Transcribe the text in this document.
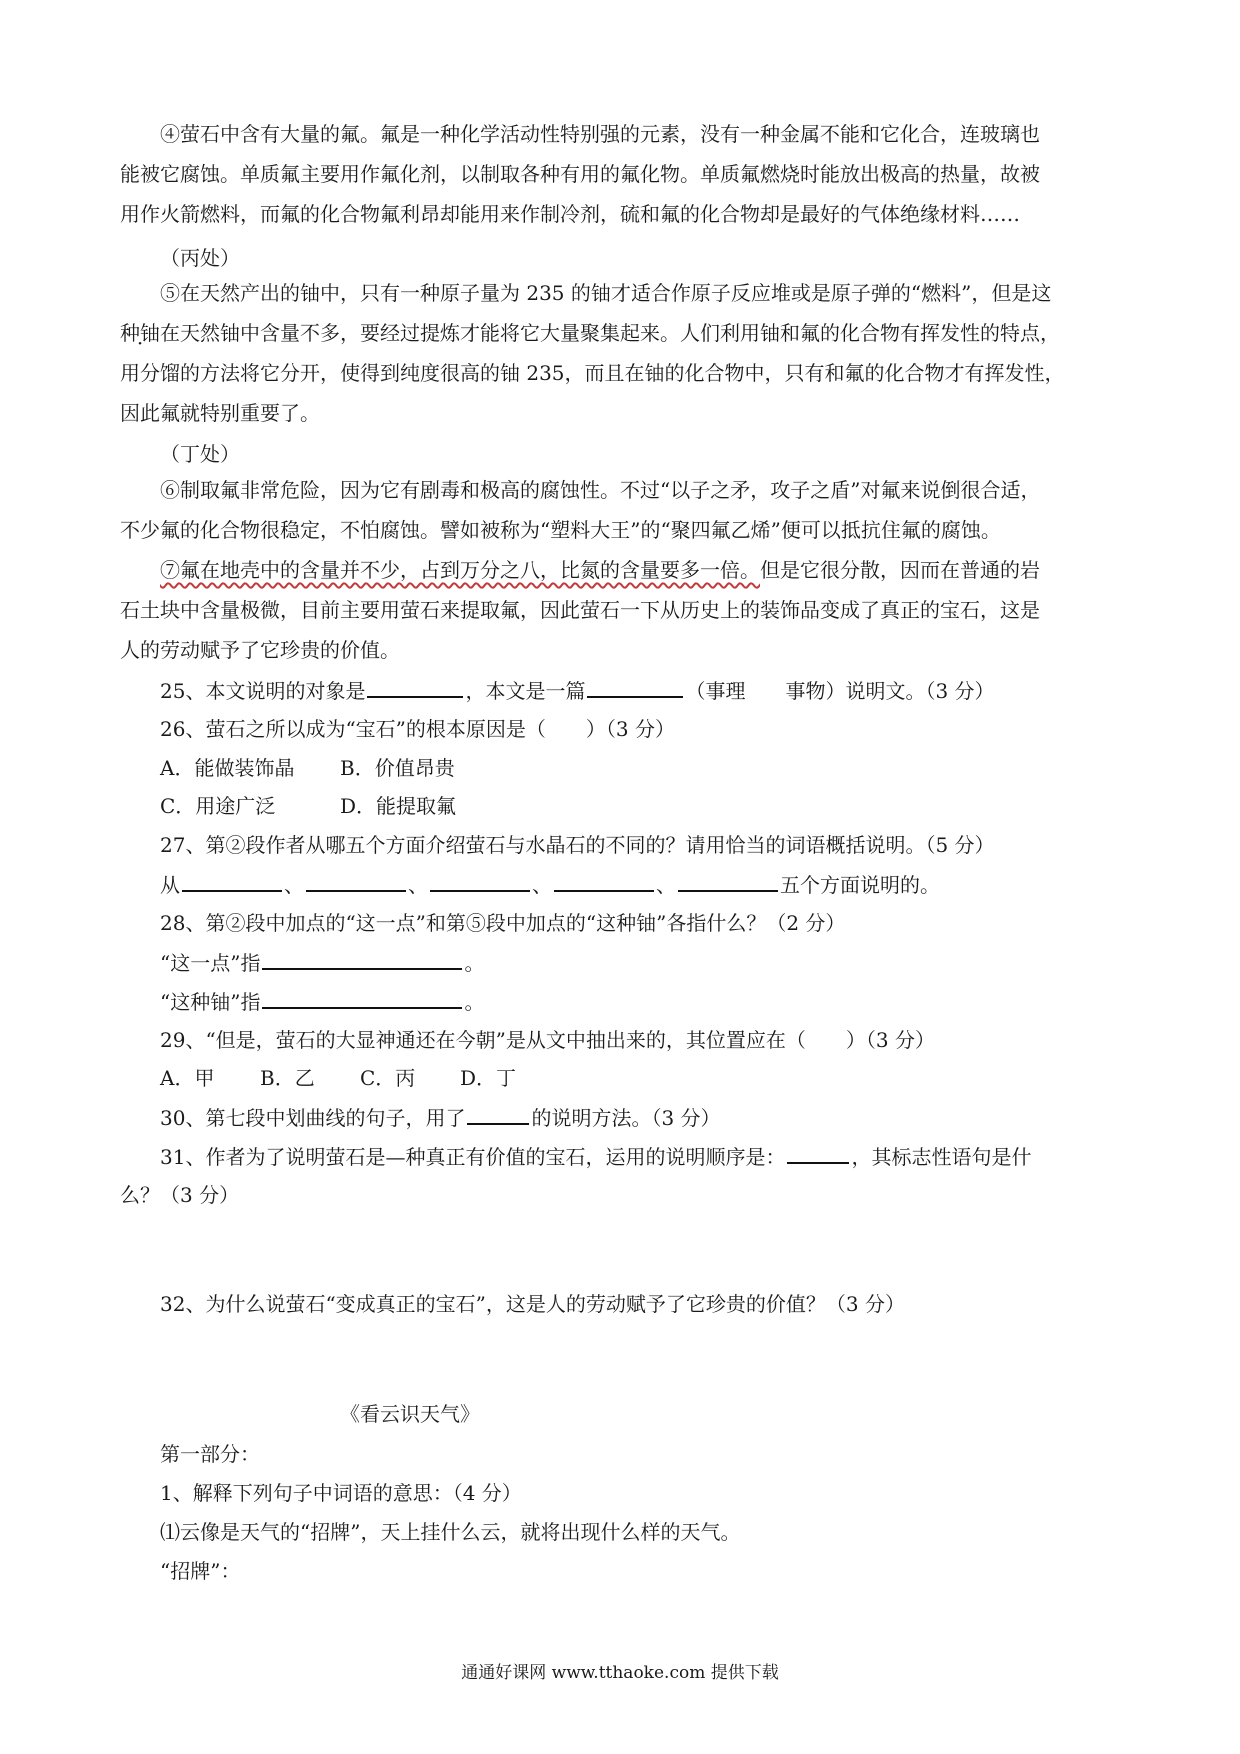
④萤石中含有大量的氟。氟是一种化学活动性特别强的元素，没有一种金属不能和它化合，连玻璃也
能被它腐蚀。单质氟主要用作氟化剂，以制取各种有用的氟化物。单质氟燃烧时能放出极高的热量，故被
用作火箭燃料，而氟的化合物氟利昂却能用来作制冷剂，硫和氟的化合物却是最好的气体绝缘材料……
（丙处）
⑤在天然产出的铀中，只有一种原子量为 235 的铀才适合作原子反应堆或是原子弹的“燃料”，但是这
种铀在天然铀中含量不多，要经过提炼才能将它大量聚集起来。人们利用铀和氟的化合物有挥发性的特点，
用分馏的方法将它分开，使得到纯度很高的铀 235，而且在铀的化合物中，只有和氟的化合物才有挥发性，
因此氟就特别重要了。
（丁处）
⑥制取氟非常危险，因为它有剧毒和极高的腐蚀性。不过“以子之矛，攻子之盾”对氟来说倒很合适，
不少氟的化合物很稳定，不怕腐蚀。譬如被称为“塑料大王”的“聚四氟乙烯”便可以抵抗住氟的腐蚀。
⑦氟在地壳中的含量并不少，占到万分之八，比氮的含量要多一倍。但是它很分散，因而在普通的岩
石土块中含量极微，目前主要用萤石来提取氟，因此萤石一下从历史上的装饰品变成了真正的宝石，这是
人的劳动赋予了它珍贵的价值。
25、本文说明的对象是	，本文是一篇	（事理　　事物）说明文。（3 分）
26、萤石之所以成为“宝石”的根本原因是（　　）（3 分）
A．能做装饰晶 B．价值昂贵
C．用途广泛	D．能提取氟
27、第②段作者从哪五个方面介绍萤石与水晶石的不同的？请用恰当的词语概括说明。（5 分）
从	、	、	、	、	五个方面说明的。
28、第②段中加点的“这一点”和第⑤段中加点的“这种铀”各指什么？（2 分）
“这一点”指	。
“这种铀”指	。
29、“但是，萤石的大显神通还在今朝”是从文中抽出来的，其位置应在（　　）（3 分）
A．甲 B．乙 C．丙 D．丁
30、第七段中划曲线的句子，用了	的说明方法。（3 分）
31、作者为了说明萤石是—种真正有价值的宝石，运用的说明顺序是：	，其标志性语句是什
么？（3 分）
32、为什么说萤石“变成真正的宝石”，这是人的劳动赋予了它珍贵的价值？（3 分）
《看云识天气》
第一部分：
1、解释下列句子中词语的意思：（4 分）
⑴云像是天气的“招牌”，天上挂什么云，就将出现什么样的天气。
“招牌”：
通通好课网 www.tthaoke.com 提供下载
